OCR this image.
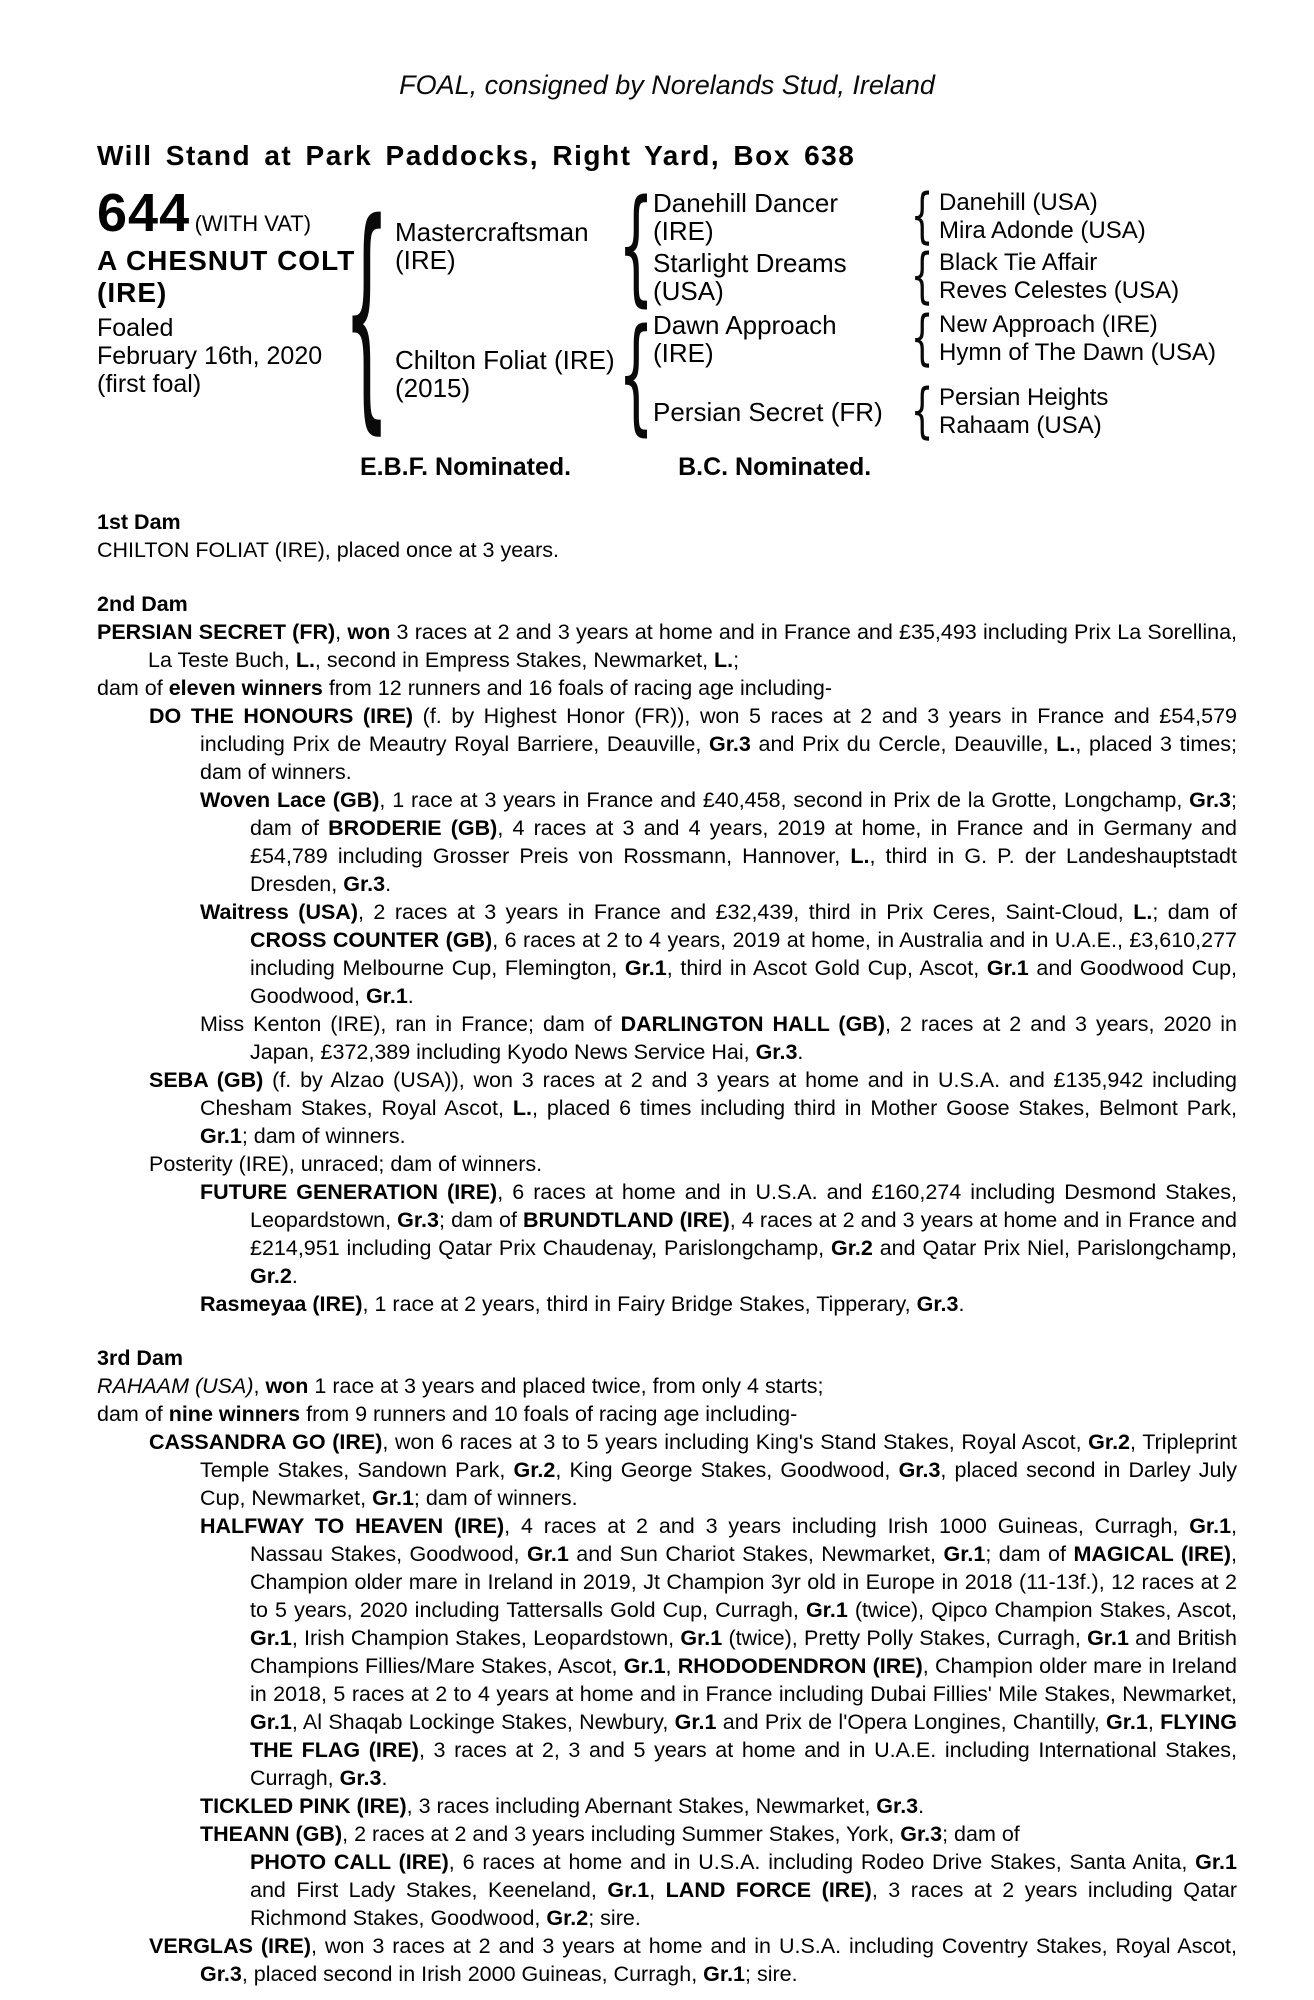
FOAL, consigned by Norelands Stud, Ireland
Will Stand at Park Paddocks, Right Yard, Box 638
644 (WITH VAT)
A CHESNUT COLT
(IRE)
Foaled
February 16th, 2020
(first foal) { Mastercraftsman
(IRE)
Chilton Foliat (IRE)
(2015)
{
{
Danehill Dancer
(IRE)
Starlight Dreams
(USA)
Dawn Approach
(IRE)
Persian Secret (FR)
{
{
{
{
Danehill (USA)
Mira Adonde (USA)
Black Tie Affair
Reves Celestes (USA)
New Approach (IRE)
Hymn of The Dawn (USA)
Persian Heights
Rahaam (USA)
E.B.F. Nominated.	B.C. Nominated.
1st Dam
CHILTON FOLIAT (IRE), placed once at 3 years.
2nd Dam
PERSIAN SECRET (FR), won 3 races at 2 and 3 years at home and in France and £35,493 including Prix La Sorellina, La Teste Buch, L., second in Empress Stakes, Newmarket, L.;
dam of eleven winners from 12 runners and 16 foals of racing age including-
DO THE HONOURS (IRE) (f. by Highest Honor (FR)), won 5 races at 2 and 3 years in France and £54,579 including Prix de Meautry Royal Barriere, Deauville, Gr.3 and Prix du Cercle, Deauville, L., placed 3 times; dam of winners.
Woven Lace (GB), 1 race at 3 years in France and £40,458, second in Prix de la Grotte, Longchamp, Gr.3; dam of BRODERIE (GB), 4 races at 3 and 4 years, 2019 at home, in France and in Germany and £54,789 including Grosser Preis von Rossmann, Hannover, L., third in G. P. der Landeshauptstadt Dresden, Gr.3.
Waitress (USA), 2 races at 3 years in France and £32,439, third in Prix Ceres, Saint-Cloud, L.; dam of CROSS COUNTER (GB), 6 races at 2 to 4 years, 2019 at home, in Australia and in U.A.E., £3,610,277 including Melbourne Cup, Flemington, Gr.1, third in Ascot Gold Cup, Ascot, Gr.1 and Goodwood Cup, Goodwood, Gr.1.
Miss Kenton (IRE), ran in France; dam of DARLINGTON HALL (GB), 2 races at 2 and 3 years, 2020 in Japan, £372,389 including Kyodo News Service Hai, Gr.3.
SEBA (GB) (f. by Alzao (USA)), won 3 races at 2 and 3 years at home and in U.S.A. and £135,942 including Chesham Stakes, Royal Ascot, L., placed 6 times including third in Mother Goose Stakes, Belmont Park, Gr.1; dam of winners.
Posterity (IRE), unraced; dam of winners.
FUTURE GENERATION (IRE), 6 races at home and in U.S.A. and £160,274 including Desmond Stakes, Leopardstown, Gr.3; dam of BRUNDTLAND (IRE), 4 races at 2 and 3 years at home and in France and £214,951 including Qatar Prix Chaudenay, Parislongchamp, Gr.2 and Qatar Prix Niel, Parislongchamp, Gr.2.
Rasmeyaa (IRE), 1 race at 2 years, third in Fairy Bridge Stakes, Tipperary, Gr.3.
3rd Dam
RAHAAM (USA), won 1 race at 3 years and placed twice, from only 4 starts;
dam of nine winners from 9 runners and 10 foals of racing age including-
CASSANDRA GO (IRE), won 6 races at 3 to 5 years including King's Stand Stakes, Royal Ascot, Gr.2, Tripleprint Temple Stakes, Sandown Park, Gr.2, King George Stakes, Goodwood, Gr.3, placed second in Darley July Cup, Newmarket, Gr.1; dam of winners.
HALFWAY TO HEAVEN (IRE), 4 races at 2 and 3 years including Irish 1000 Guineas, Curragh, Gr.1, Nassau Stakes, Goodwood, Gr.1 and Sun Chariot Stakes, Newmarket, Gr.1; dam of MAGICAL (IRE), Champion older mare in Ireland in 2019, Jt Champion 3yr old in Europe in 2018 (11-13f.), 12 races at 2 to 5 years, 2020 including Tattersalls Gold Cup, Curragh, Gr.1 (twice), Qipco Champion Stakes, Ascot, Gr.1, Irish Champion Stakes, Leopardstown, Gr.1 (twice), Pretty Polly Stakes, Curragh, Gr.1 and British Champions Fillies/Mare Stakes, Ascot, Gr.1, RHODODENDRON (IRE), Champion older mare in Ireland in 2018, 5 races at 2 to 4 years at home and in France including Dubai Fillies' Mile Stakes, Newmarket, Gr.1, Al Shaqab Lockinge Stakes, Newbury, Gr.1 and Prix de l'Opera Longines, Chantilly, Gr.1, FLYING THE FLAG (IRE), 3 races at 2, 3 and 5 years at home and in U.A.E. including International Stakes, Curragh, Gr.3.
TICKLED PINK (IRE), 3 races including Abernant Stakes, Newmarket, Gr.3.
THEANN (GB), 2 races at 2 and 3 years including Summer Stakes, York, Gr.3; dam of
PHOTO CALL (IRE), 6 races at home and in U.S.A. including Rodeo Drive Stakes, Santa Anita, Gr.1 and First Lady Stakes, Keeneland, Gr.1, LAND FORCE (IRE), 3 races at 2 years including Qatar Richmond Stakes, Goodwood, Gr.2; sire.
VERGLAS (IRE), won 3 races at 2 and 3 years at home and in U.S.A. including Coventry Stakes, Royal Ascot, Gr.3, placed second in Irish 2000 Guineas, Curragh, Gr.1; sire.
